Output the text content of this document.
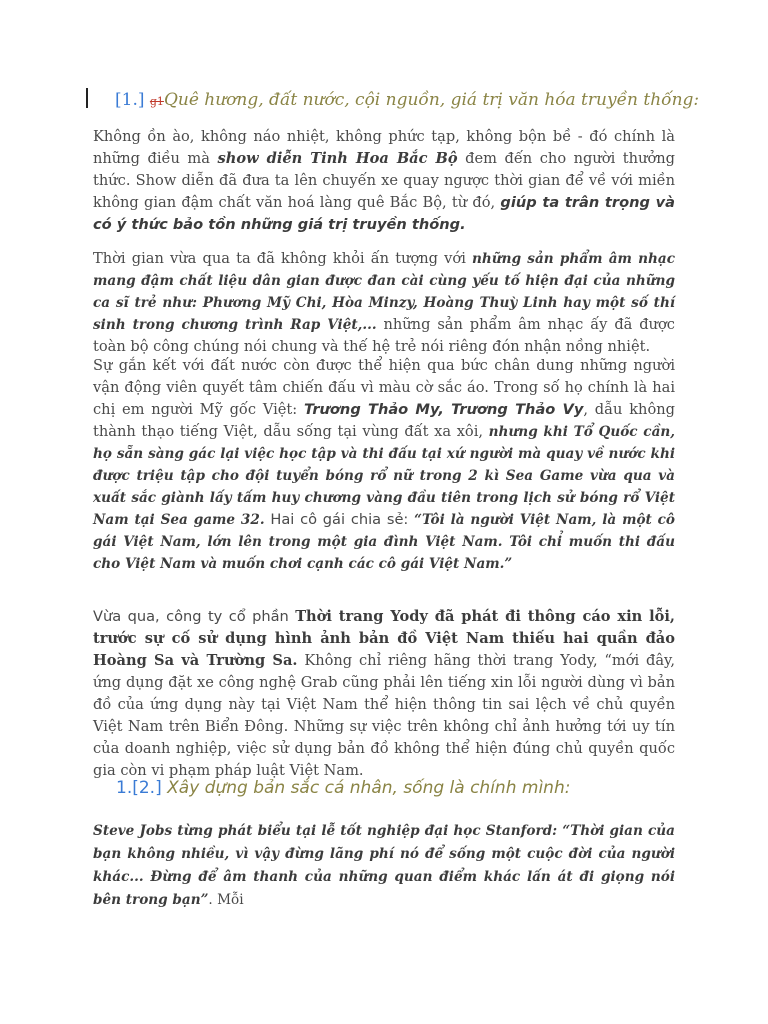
[1.] g1Quê hương, đất nước, cội nguồn, giá trị văn hóa truyền thống:

Không ồn ào, không náo nhiệt, không phức tạp, không bộn bề - đó chính là những điều mà show diễn Tinh Hoa Bắc Bộ đem đến cho người thưởng thức. Show diễn đã đưa ta lên chuyến xe quay ngược thời gian để về với miền không gian đậm chất văn hoá làng quê Bắc Bộ, từ đó, giúp ta trân trọng và có ý thức bảo tồn những giá trị truyền thống.

Thời gian vừa qua ta đã không khỏi ấn tượng với những sản phẩm âm nhạc mang đậm chất liệu dân gian được đan cài cùng yếu tố hiện đại của những ca sĩ trẻ như: Phương Mỹ Chi, Hòa Minzy, Hoàng Thuỳ Linh hay một số thí sinh trong chương trình Rap Việt,... những sản phẩm âm nhạc ấy đã được toàn bộ công chúng nói chung và thế hệ trẻ nói riêng đón nhận nồng nhiệt.

Sự gắn kết với đất nước còn được thể hiện qua bức chân dung những người vận động viên quyết tâm chiến đấu vì màu cờ sắc áo. Trong số họ chính là hai chị em người Mỹ gốc Việt: Trương Thảo My, Trương Thảo Vy, dẫu không thành thạo tiếng Việt, dẫu sống tại vùng đất xa xôi, nhưng khi Tổ Quốc cần, họ sẵn sàng gác lại việc học tập và thi đấu tại xứ người mà quay về nước khi được triệu tập cho đội tuyển bóng rổ nữ trong 2 kì Sea Game vừa qua và xuất sắc giành lấy tấm huy chương vàng đầu tiên trong lịch sử bóng rổ Việt Nam tại Sea game 32. Hai cô gái chia sẻ: “Tôi là người Việt Nam, là một cô gái Việt Nam, lớn lên trong một gia đình Việt Nam. Tôi chỉ muốn thi đấu cho Việt Nam và muốn chơi cạnh các cô gái Việt Nam.”

Vừa qua, công ty cổ phần Thời trang Yody đã phát đi thông cáo xin lỗi, trước sự cố sử dụng hình ảnh bản đồ Việt Nam thiếu hai quần đảo Hoàng Sa và Trường Sa. Không chỉ riêng hãng thời trang Yody, “mới đây, ứng dụng đặt xe công nghệ Grab cũng phải lên tiếng xin lỗi người dùng vì bản đồ của ứng dụng này tại Việt Nam thể hiện thông tin sai lệch về chủ quyền Việt Nam trên Biển Đông. Những sự việc trên không chỉ ảnh hưởng tới uy tín của doanh nghiệp, việc sử dụng bản đồ không thể hiện đúng chủ quyền quốc gia còn vi phạm pháp luật Việt Nam.

1.[2.] Xây dựng bản sắc cá nhân, sống là chính mình:

Steve Jobs từng phát biểu tại lễ tốt nghiệp đại học Stanford: “Thời gian của bạn không nhiều, vì vậy đừng lãng phí nó để sống một cuộc đời của người khác... Đừng để âm thanh của những quan điểm khác lấn át đi giọng nói bên trong bạn”. Mỗi
